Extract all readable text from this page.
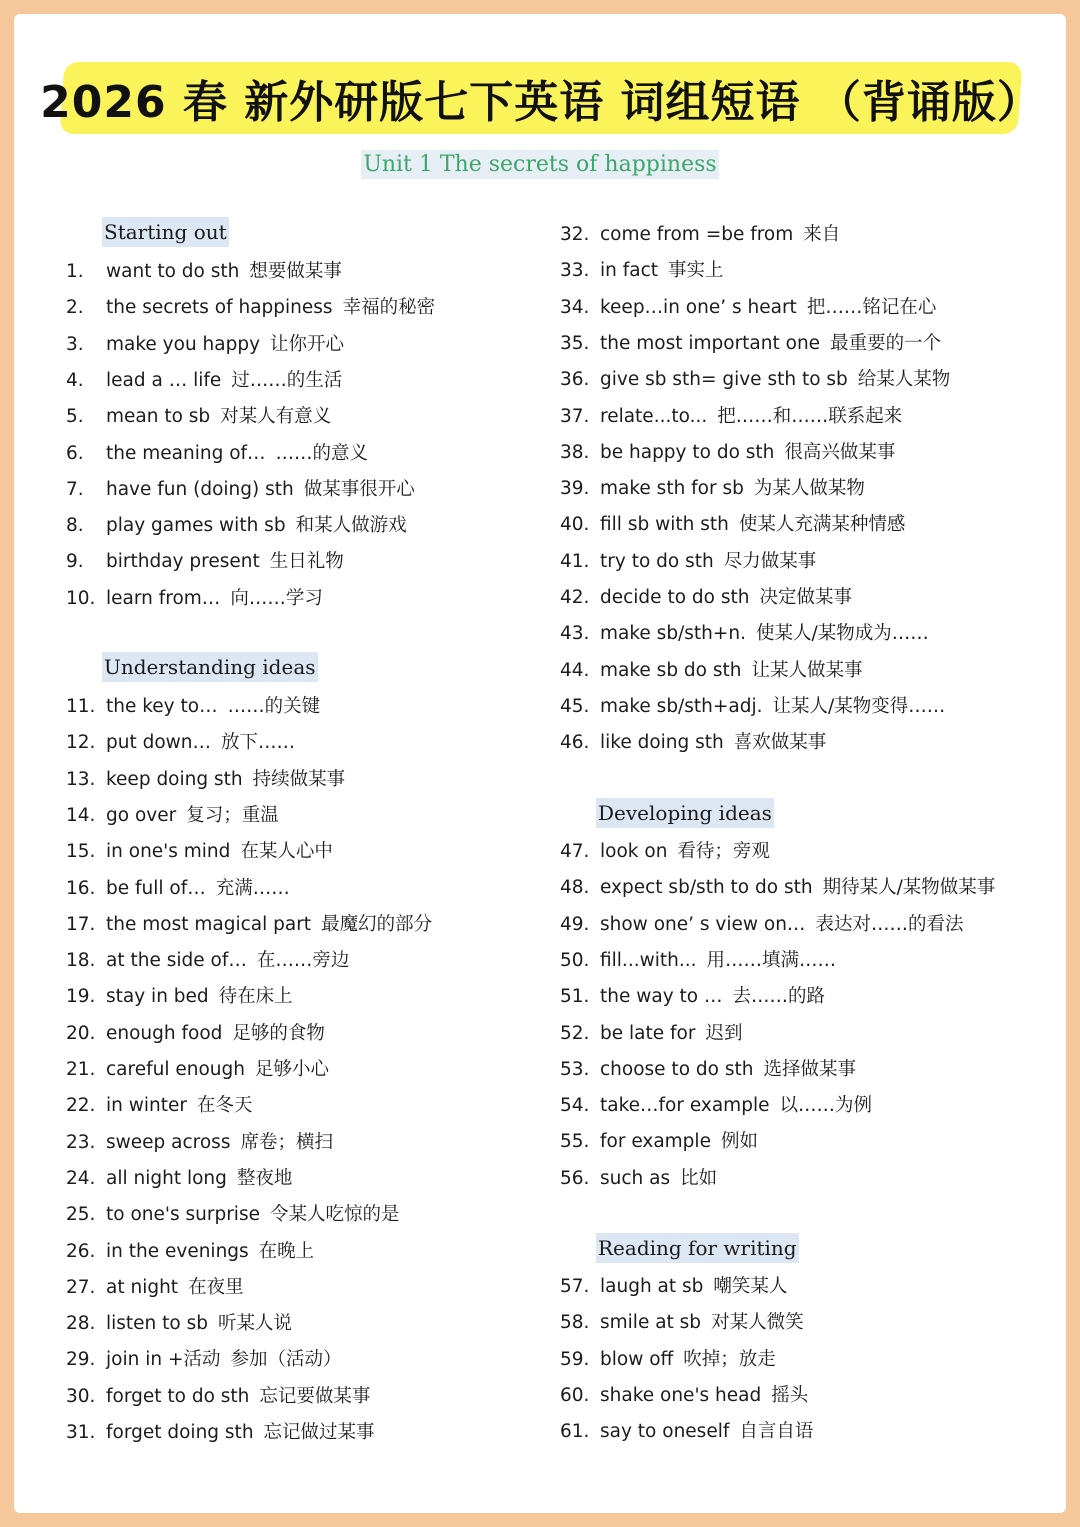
2026 春 新外研版七下英语 词组短语 （背诵版）
Unit 1 The secrets of happiness
Starting out
1. want to do sth 想要做某事
2. the secrets of happiness 幸福的秘密
3. make you happy 让你开心
4. lead a … life 过……的生活
5. mean to sb 对某人有意义
6. the meaning of… ……的意义
7. have fun (doing) sth 做某事很开心
8. play games with sb 和某人做游戏
9. birthday present 生日礼物
10. learn from… 向……学习
Understanding ideas
11. the key to… ……的关键
12. put down… 放下……
13. keep doing sth 持续做某事
14. go over 复习；重温
15. in one's mind 在某人心中
16. be full of… 充满……
17. the most magical part 最魔幻的部分
18. at the side of… 在……旁边
19. stay in bed 待在床上
20. enough food 足够的食物
21. careful enough 足够小心
22. in winter 在冬天
23. sweep across 席卷；横扫
24. all night long 整夜地
25. to one's surprise 令某人吃惊的是
26. in the evenings 在晚上
27. at night 在夜里
28. listen to sb 听某人说
29. join in +活动 参加（活动）
30. forget to do sth 忘记要做某事
31. forget doing sth 忘记做过某事
32. come from =be from 来自
33. in fact 事实上
34. keep…in one’ s heart 把……铭记在心
35. the most important one 最重要的一个
36. give sb sth= give sth to sb 给某人某物
37. relate...to... 把……和……联系起来
38. be happy to do sth 很高兴做某事
39. make sth for sb 为某人做某物
40. fill sb with sth 使某人充满某种情感
41. try to do sth 尽力做某事
42. decide to do sth 决定做某事
43. make sb/sth+n. 使某人/某物成为……
44. make sb do sth 让某人做某事
45. make sb/sth+adj. 让某人/某物变得……
46. like doing sth 喜欢做某事
Developing ideas
47. look on 看待；旁观
48. expect sb/sth to do sth 期待某人/某物做某事
49. show one’ s view on… 表达对……的看法
50. fill...with... 用……填满……
51. the way to … 去……的路
52. be late for 迟到
53. choose to do sth 选择做某事
54. take…for example 以……为例
55. for example 例如
56. such as 比如
Reading for writing
57. laugh at sb 嘲笑某人
58. smile at sb 对某人微笑
59. blow off 吹掉；放走
60. shake one's head 摇头
61. say to oneself 自言自语
